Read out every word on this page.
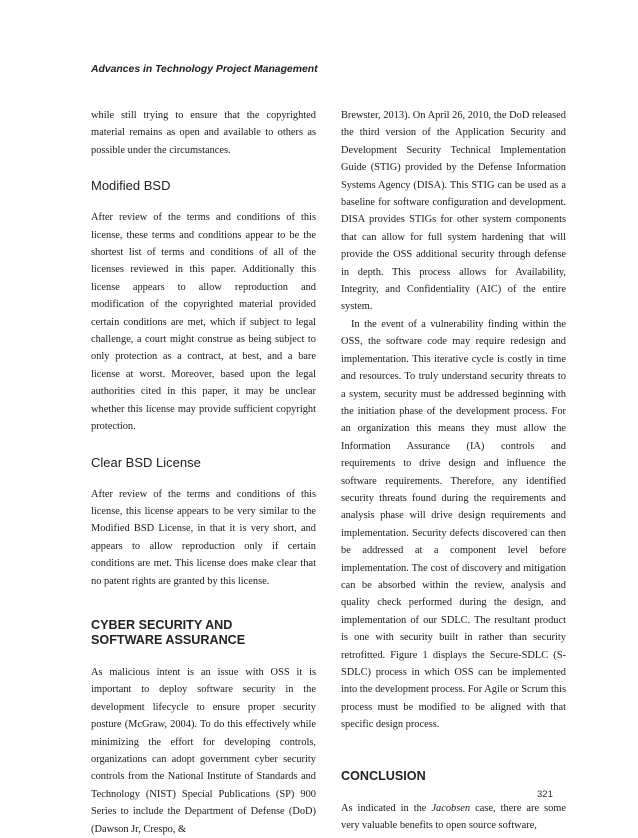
Advances in Technology Project Management

while still trying to ensure that the copyrighted material remains as open and available to others as possible under the circumstances.

Modified BSD

After review of the terms and conditions of this license, these terms and conditions appear to be the shortest list of terms and conditions of all of the licenses reviewed in this paper. Additionally this license appears to allow reproduction and modification of the copyrighted material provided certain conditions are met, which if subject to legal challenge, a court might construe as being subject to only protection as a contract, at best, and a bare license at worst. Moreover, based upon the legal authorities cited in this paper, it may be unclear whether this license may provide sufficient copyright protection.

Clear BSD License

After review of the terms and conditions of this license, this license appears to be very similar to the Modified BSD License, in that it is very short, and appears to allow reproduction only if certain conditions are met. This license does make clear that no patent rights are granted by this license.

CYBER SECURITY AND
SOFTWARE ASSURANCE

As malicious intent is an issue with OSS it is important to deploy software security in the development lifecycle to ensure proper security posture (McGraw, 2004). To do this effectively while minimizing the effort for developing controls, organizations can adopt government cyber security controls from the National Institute of Standards and Technology (NIST) Special Publications (SP) 900 Series to include the Department of Defense (DoD) (Dawson Jr, Crespo, &

Brewster, 2013). On April 26, 2010, the DoD released the third version of the Application Security and Development Security Technical Implementation Guide (STIG) provided by the Defense Information Systems Agency (DISA). This STIG can be used as a baseline for software configuration and development. DISA provides STIGs for other system components that can allow for full system hardening that will provide the OSS additional security through defense in depth. This process allows for Availability, Integrity, and Confidentiality (AIC) of the entire system.

In the event of a vulnerability finding within the OSS, the software code may require redesign and implementation. This iterative cycle is costly in time and resources. To truly understand security threats to a system, security must be addressed beginning with the initiation phase of the development process. For an organization this means they must allow the Information Assurance (IA) controls and requirements to drive design and influence the software requirements. Therefore, any identified security threats found during the requirements and analysis phase will drive design requirements and implementation. Security defects discovered can then be addressed at a component level before implementation. The cost of discovery and mitigation can be absorbed within the review, analysis and quality check performed during the design, and implementation of our SDLC. The resultant product is one with security built in rather than security retrofitted. Figure 1 displays the Secure-SDLC (S-SDLC) process in which OSS can be implemented into the development process. For Agile or Scrum this process must be modified to be aligned with that specific design process.

CONCLUSION

As indicated in the Jacobsen case, there are some very valuable benefits to open source software,

321
